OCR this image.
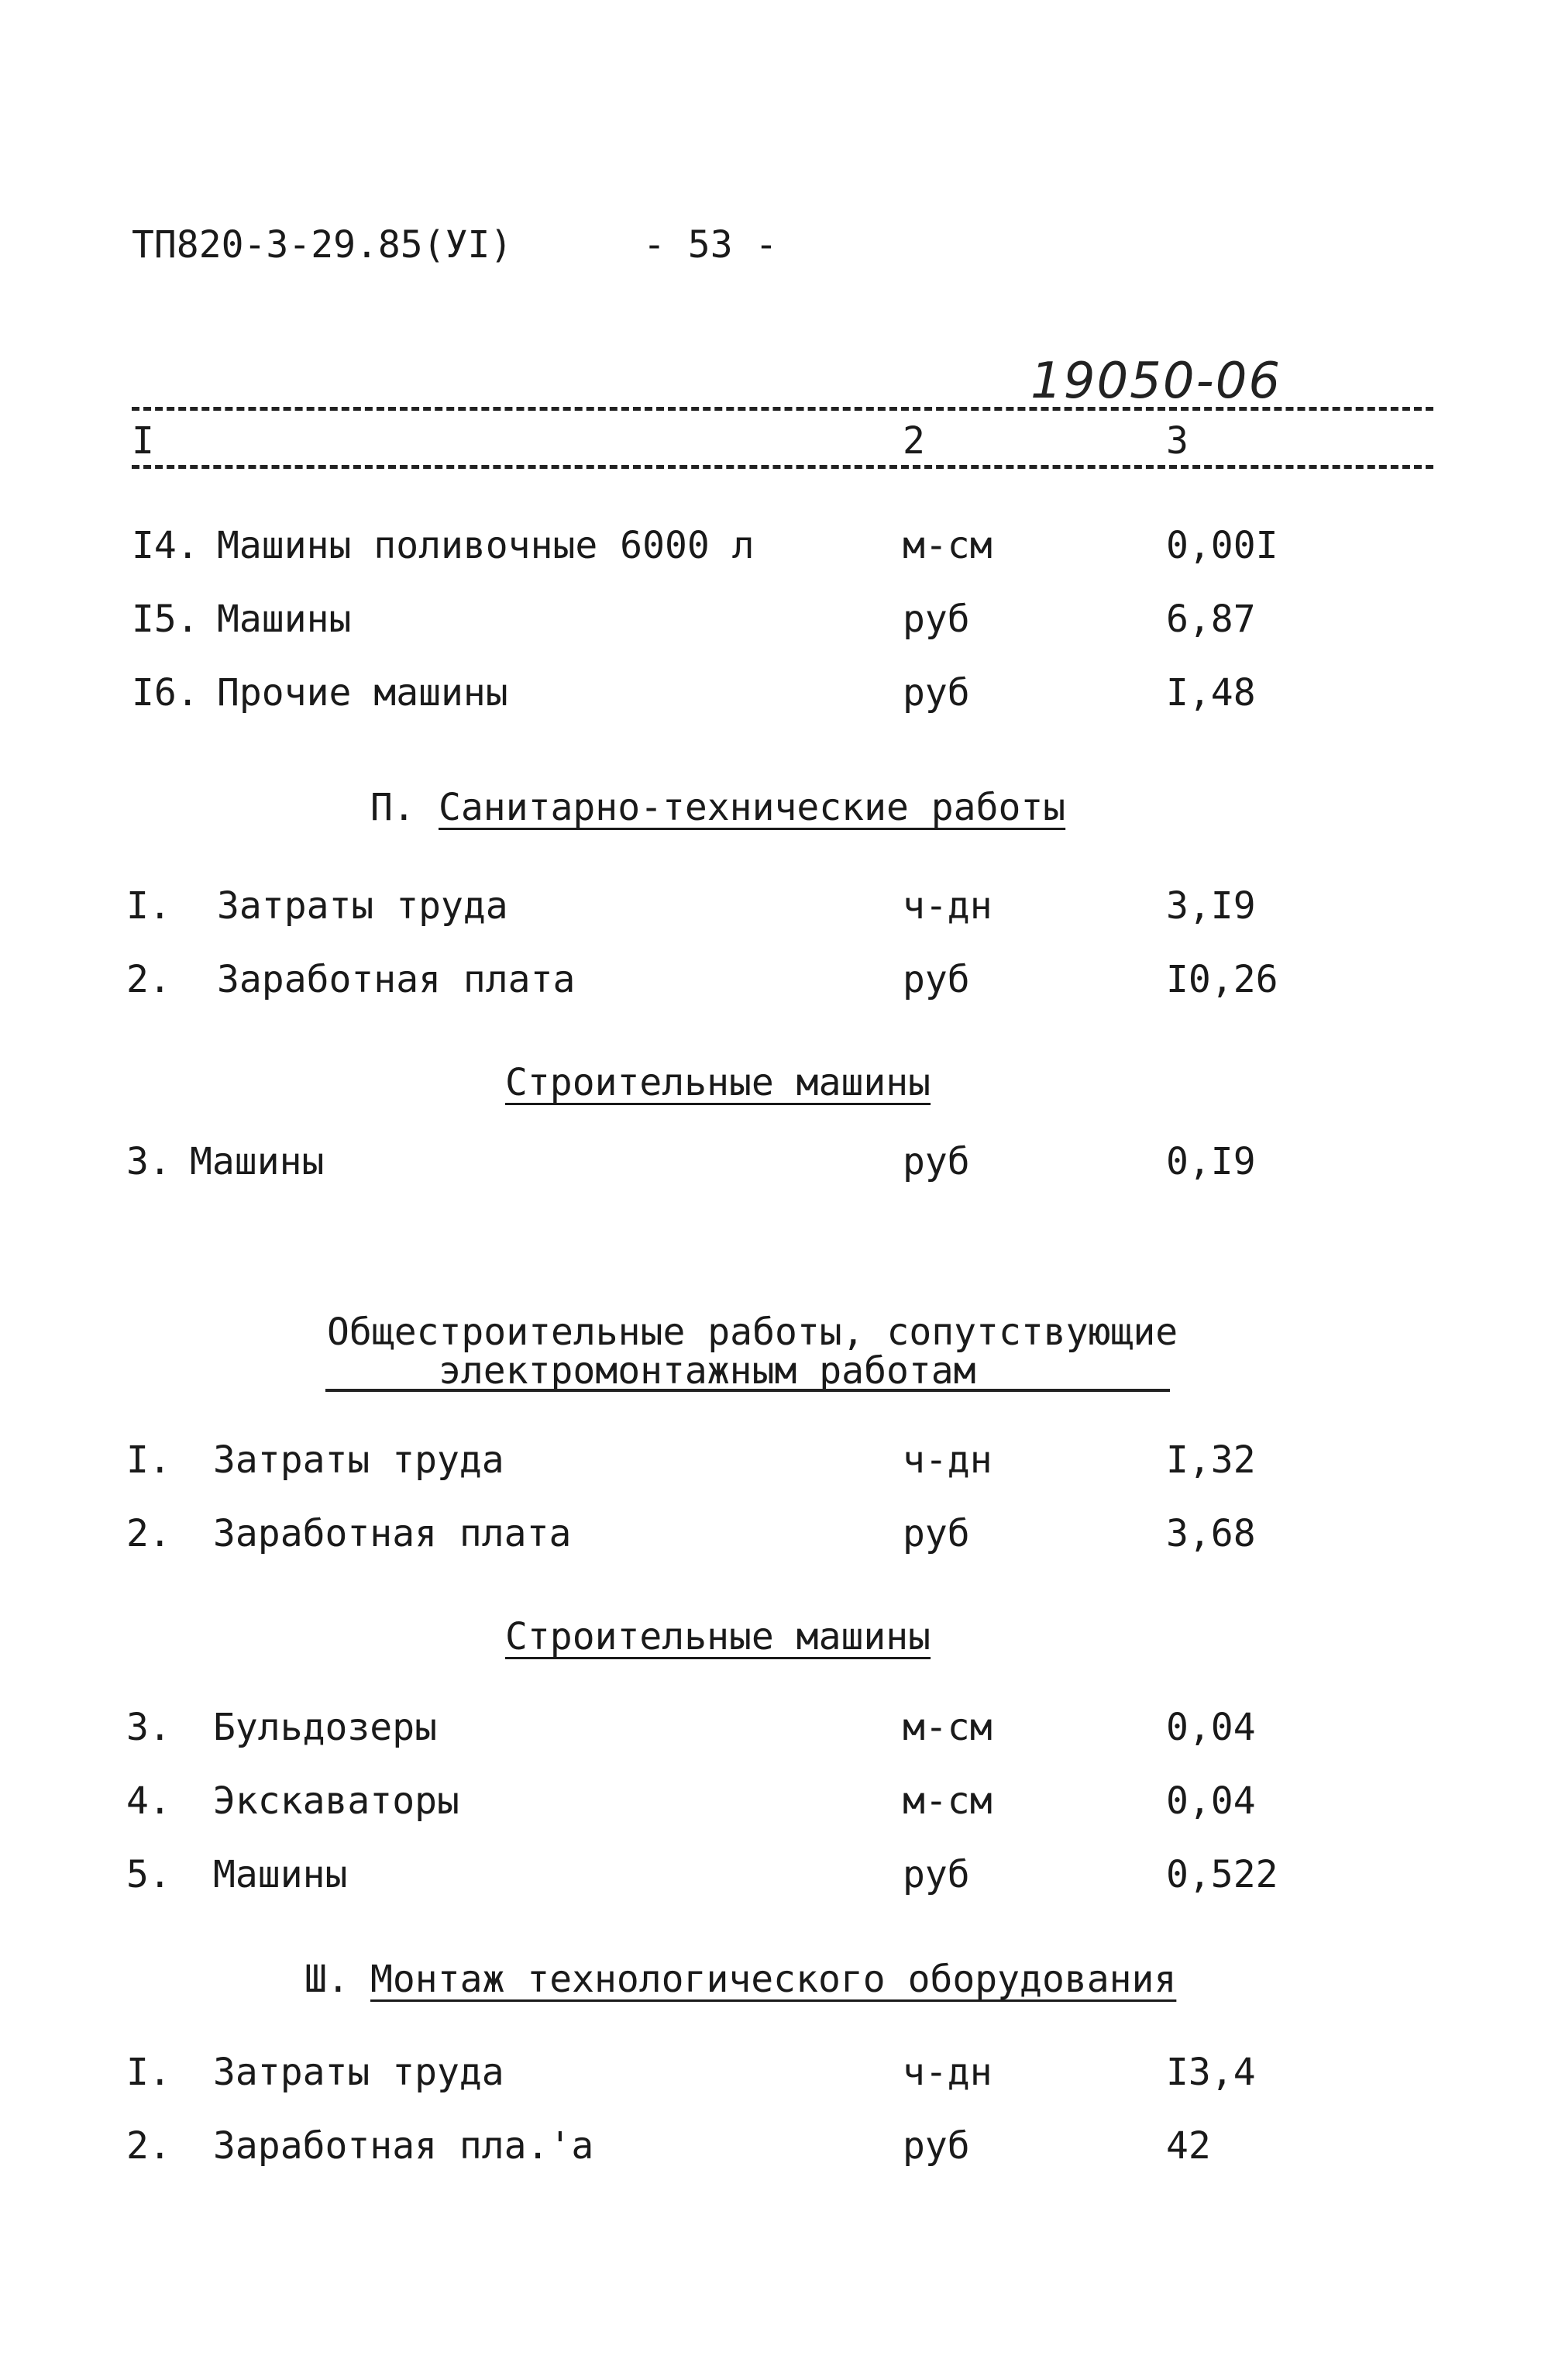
ТП820-3-29.85(УI)	- 53 -
19050-06
I	2	3
I4. Машины поливочные 6000 л	м-см	0,00I
I5. Машины	руб	6,87
I6. Прочие машины	руб	I,48
П. Санитарно-технические работы
I. Затраты труда	ч-дн	3,I9
2. Заработная плата	руб	I0,26
Строительные машины
3. Машины	руб	0,I9
Общестроительные работы, сопутствующие
электромонтажным работам
I. Затраты труда	ч-дн	I,32
2. Заработная плата	руб	3,68
Строительные машины
3. Бульдозеры	м-см	0,04
4. Экскаваторы	м-см	0,04
5. Машины	руб	0,522
Ш. Монтаж технологического оборудования
I. Затраты труда	ч-дн	I3,4
2. Заработная пла.'а	руб	42
